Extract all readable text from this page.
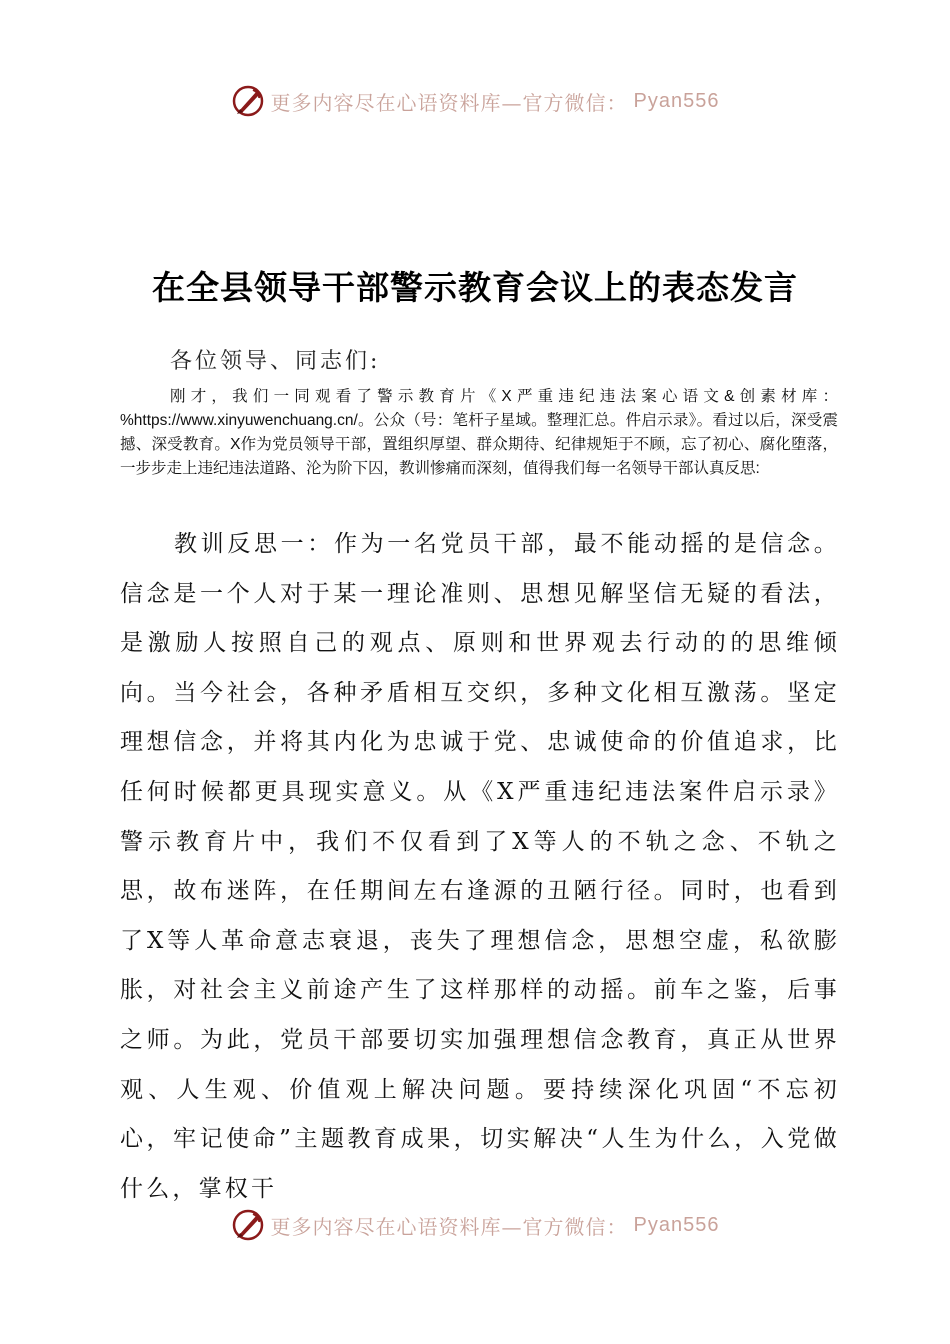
更多内容尽在心语资料库—官方微信： Pyan556
在全县领导干部警示教育会议上的表态发言
各位领导、同志们:
刚才，我们一同观看了警示教育片《X严重违纪违法案心语文&创素材库：%https://www.xinyuwenchuang.cn/。公众（号：笔杆子星域。整理汇总。件启示录》。看过以后，深受震撼、深受教育。X作为党员领导干部，置组织厚望、群众期待、纪律规矩于不顾，忘了初心、腐化堕落，一步步走上违纪违法道路、沦为阶下囚，教训惨痛而深刻，值得我们每一名领导干部认真反思:
教训反思一：作为一名党员干部，最不能动摇的是信念。信念是一个人对于某一理论准则、思想见解坚信无疑的看法，是激励人按照自己的观点、原则和世界观去行动的的思维倾向。当今社会，各种矛盾相互交织，多种文化相互激荡。坚定理想信念，并将其内化为忠诚于党、忠诚使命的价值追求，比任何时候都更具现实意义。从《X严重违纪违法案件启示录》警示教育片中，我们不仅看到了X等人的不轨之念、不轨之思，故布迷阵，在任期间左右逢源的丑陋行径。同时，也看到了X等人革命意志衰退，丧失了理想信念，思想空虚，私欲膨胀，对社会主义前途产生了这样那样的动摇。前车之鉴，后事之师。为此，党员干部要切实加强理想信念教育，真正从世界观、人生观、价值观上解决问题。要持续深化巩固“不忘初心，牢记使命”主题教育成果，切实解决“人生为什么，入党做什么，掌权干
更多内容尽在心语资料库—官方微信： Pyan556
